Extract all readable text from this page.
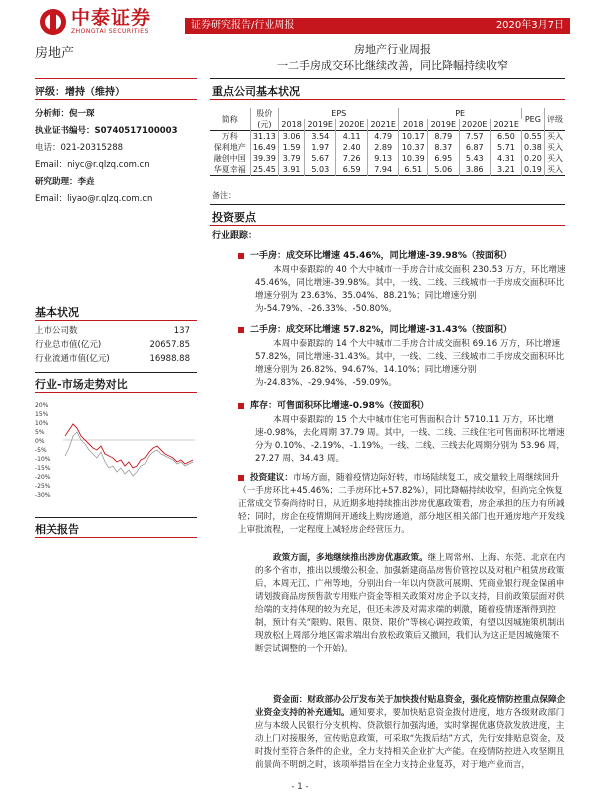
中泰证券
ZHONGTAI SECURITIES
证券研究报告/行业周报	2020年3月7日
房地产	房地产行业周报
一二手房成交环比继续改善，同比降幅持续收窄
评级：增持（维持）
分析师：倪一琛
执业证书编号：S0740517100003
电话：021-20315288
Email：niyc@r.qlzq.com.cn
研究助理：李垚
Email：liyao@r.qlzq.com.cn
基本状况
上市公司数	137
行业总市值(亿元)	20657.85
行业流通市值(亿元)	16988.88
行业-市场走势对比
20%
15%
10%
5%
0%
-5%
-10%
-15%
-20%
-25%
-30%
相关报告
重点公司基本状况
简称	股价	EPS				PE				PEG	评级
	(元)	2018	2019E	2020E	2021E	2018	2019E	2020E	2021E		
万科	31.13	3.06	3.54	4.11	4.79	10.17	8.79	7.57	6.50	0.55	买入
保利地产	16.49	1.59	1.97	2.40	2.89	10.37	8.37	6.87	5.71	0.38	买入
融创中国	39.39	3.79	5.67	7.26	9.13	10.39	6.95	5.43	4.31	0.20	买入
华夏幸福	25.45	3.91	5.03	6.59	7.94	6.51	5.06	3.86	3.21	0.19	买入
备注：
投资要点
行业跟踪：
一手房：成交环比增速 45.46%，同比增速-39.98%（按面积）
本周中泰跟踪的 40 个大中城市一手房合计成交面积 230.53 万方，环比增速 45.46%，同比增速-39.98%。其中，一线、二线、三线城市一手房成交面积环比增速分别为 23.63%、35.04%、88.21%；同比增速分别为-54.79%、-26.33%、-50.80%。
二手房：成交环比增速 57.82%，同比增速-31.43%（按面积）
本周中泰跟踪的 14 个大中城市二手房合计成交面积 69.16 万方，环比增速 57.82%，同比增速-31.43%。其中，一线、二线、三线城市二手房成交面积环比增速分别为 26.82%、94.67%、14.10%；同比增速分别为-24.83%、-29.94%、-59.09%。
库存：可售面积环比增速-0.98%（按面积）
本周中泰跟踪的 15 个大中城市住宅可售面积合计 5710.11 万方，环比增速-0.98%，去化周期 37.79 周。其中，一线、二线、三线住宅可售面积环比增速分为 0.10%、-2.19%、-1.19%。一线、二线、三线去化周期分别为 53.96 周，27.27 周、34.43 周。
投资建议：市场方面，随着疫情边际好转，市场陆续复工，成交量较上周继续回升（一手房环比+45.46%；二手房环比+57.82%），同比降幅持续收窄，但尚完全恢复正常成交节奏尚待时日，从近期多地持续推出涉房优惠政策看，房企承担的压力有所减轻；同时，房企在疫情期间开通线上购房通道，部分地区相关部门也开通房地产开发线上审批流程，一定程度上减轻房企经营压力。
政策方面，多地继续推出涉房优惠政策。继上周常州、上海、东莞、北京在内的多个省市，推出以缓缴公积金、加强新建商品房售价管控以及对租户租赁房政策后，本周无江、广州等地，分别出台一年以内贷款可展期、凭商业银行现金保函申请划拨商品房预售款专用账户资金等相关政策对房企予以支持，目前政策层面对供给端的支持体现的较为充足，但还未涉及对需求端的刺激，随着疫情逐渐得到控制，预计有关“限购、限售、限贷、限价”等核心调控政策，有望以因城施策机制出现放松(上周部分地区需求端出台放松政策后又撤回，我们认为这正是因城施策不断尝试调整的一个开始)。
资金面：财政部办公厅发布关于加快拨付贴息资金，强化疫情防控重点保障企业资金支持的补充通知。通知要求，要加快贴息资金拨付进度，地方各级财政部门应与本级人民银行分支机构、贷款银行加强沟通，实时掌握优惠贷款发放进度，主动上门对接服务，宣传贴息政策，可采取“先拨后结”方式，先行安排贴息资金，及时拨付至符合条件的企业，全力支持相关企业扩大产能。在疫情防控进入攻坚期且前景尚不明朗之时，该项举措旨在全力支持企业复苏，对于地产业而言，
- 1 -
